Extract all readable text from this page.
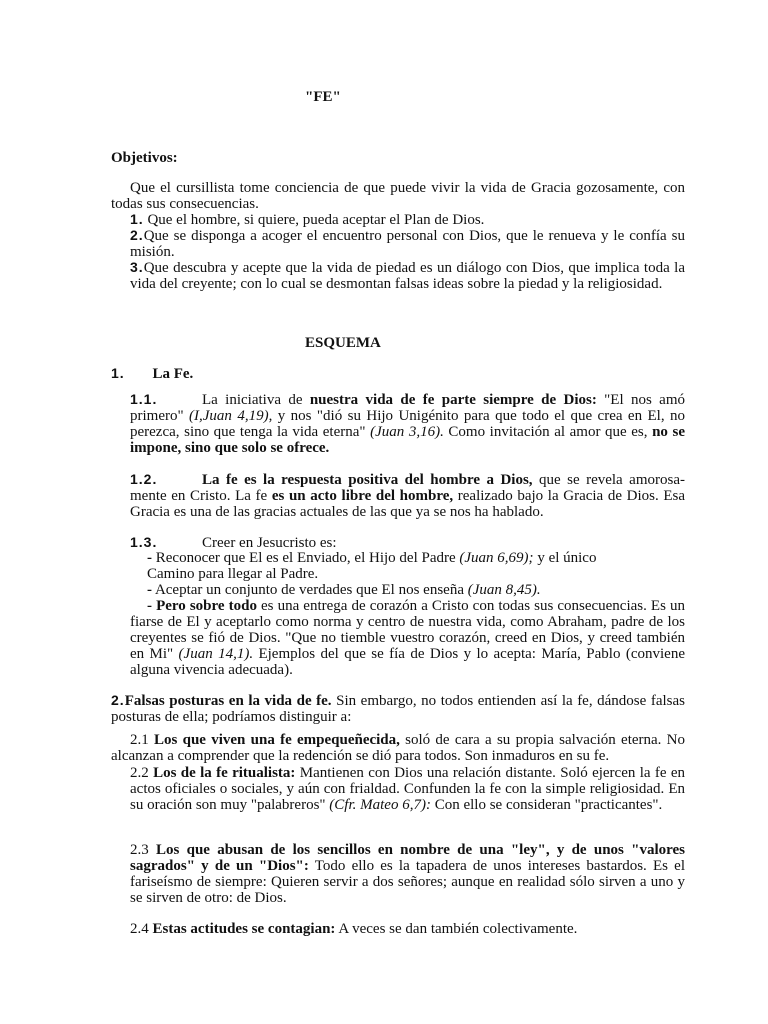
"FE"
Objetivos:
Que el cursillista tome conciencia de que puede vivir la vida de Gracia gozosamente, con todas sus consecuencias.
1. Que el hombre, si quiere, pueda aceptar el Plan de Dios.
2.Que se disponga a acoger el encuentro personal con Dios, que le renueva y le confía su misión.
3.Que descubra y acepte que la vida de piedad es un diálogo con Dios, que implica toda la vida del creyente; con lo cual se desmontan falsas ideas sobre la piedad y la religiosidad.
ESQUEMA
1. La Fe.
1.1.	La iniciativa de nuestra vida de fe parte siempre de Dios: "El nos amó primero" (I,Juan 4,19), y nos "dió su Hijo Unigénito para que todo el que crea en El, no perezca, sino que tenga la vida eterna" (Juan 3,16). Como invitación al amor que es, no se impone, sino que solo se ofrece.
1.2.	La fe es la respuesta positiva del hombre a Dios, que se revela amorosa-mente en Cristo. La fe es un acto libre del hombre, realizado bajo la Gracia de Dios. Esa Gracia es una de las gracias actuales de las que ya se nos ha hablado.
1.3.	Creer en Jesucristo es:
- Reconocer que El es el Enviado, el Hijo del Padre (Juan 6,69); y el único
Camino para llegar al Padre.
- Aceptar un conjunto de verdades que El nos enseña (Juan 8,45).
- Pero sobre todo es una entrega de corazón a Cristo con todas sus consecuencias. Es un fiarse de El y aceptarlo como norma y centro de nuestra vida, como Abraham, padre de los creyentes se fió de Dios. "Que no tiemble vuestro corazón, creed en Dios, y creed también en Mi" (Juan 14,1). Ejemplos del que se fía de Dios y lo acepta: María, Pablo (conviene alguna vivencia adecuada).
2.Falsas posturas en la vida de fe. Sin embargo, no todos entienden así la fe, dándose falsas posturas de ella; podríamos distinguir a:
2.1 Los que viven una fe empequeñecida, soló de cara a su propia salvación eterna. No alcanzan a comprender que la redención se dió para todos. Son inmaduros en su fe.
2.2 Los de la fe ritualista: Mantienen con Dios una relación distante. Soló ejercen la fe en actos oficiales o sociales, y aún con frialdad. Confunden la fe con la simple religiosidad. En su oración son muy "palabreros" (Cfr. Mateo 6,7): Con ello se consideran "practicantes".
2.3 Los que abusan de los sencillos en nombre de una "ley", y de unos "valores sagrados" y de un "Dios": Todo ello es la tapadera de unos intereses bastardos. Es el fariseísmo de siempre: Quieren servir a dos señores; aunque en realidad sólo sirven a uno y se sirven de otro: de Dios.
2.4 Estas actitudes se contagian: A veces se dan también colectivamente.
